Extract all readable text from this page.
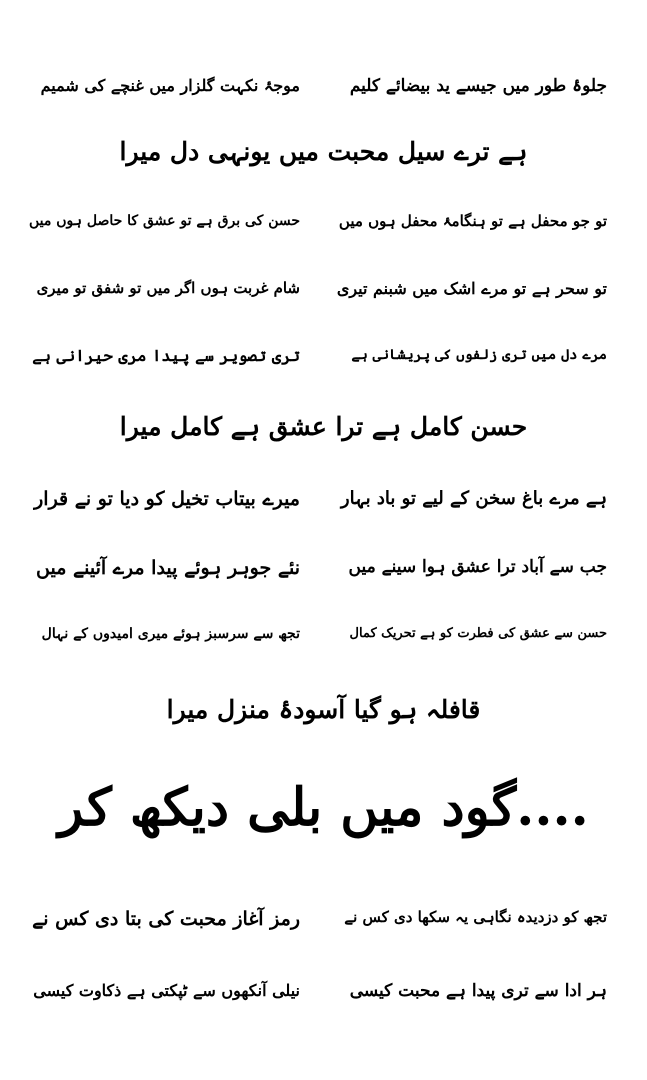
جلوۂ طور میں جیسے ید بیضائے کلیم
موجۂ نکہت گلزار میں غنچے کی شمیم
ہے ترے سیل محبت میں یونہی دل میرا
تو جو محفل ہے تو ہنگامۂ محفل ہوں میں
حسن کی برق ہے تو عشق کا حاصل ہوں میں
تو سحر ہے تو مرے اشک میں شبنم تیری
شام غربت ہوں اگر میں تو شفق تو میری
مرے دل میں تری زلفوں کی پریشانی ہے
تری تصویر سے پیدا مری حیرانی ہے
حسن کامل ہے ترا عشق ہے کامل میرا
ہے مرے باغ سخن کے لیے تو باد بہار
میرے بیتاب تخیل کو دیا تو نے قرار
جب سے آباد ترا عشق ہوا سینے میں
نئے جوہر ہوئے پیدا مرے آئینے میں
حسن سے عشق کی فطرت کو ہے تحریک کمال
تجھ سے سرسبز ہوئے میری امیدوں کے نہال
قافلہ ہو گیا آسودۂ منزل میرا
....گود میں بلی دیکھ کر
تجھ کو دزدیدہ نگاہی یہ سکھا دی کس نے
رمز آغاز محبت کی بتا دی کس نے
ہر ادا سے تری پیدا ہے محبت کیسی
نیلی آنکھوں سے ٹپکتی ہے ذکاوت کیسی
